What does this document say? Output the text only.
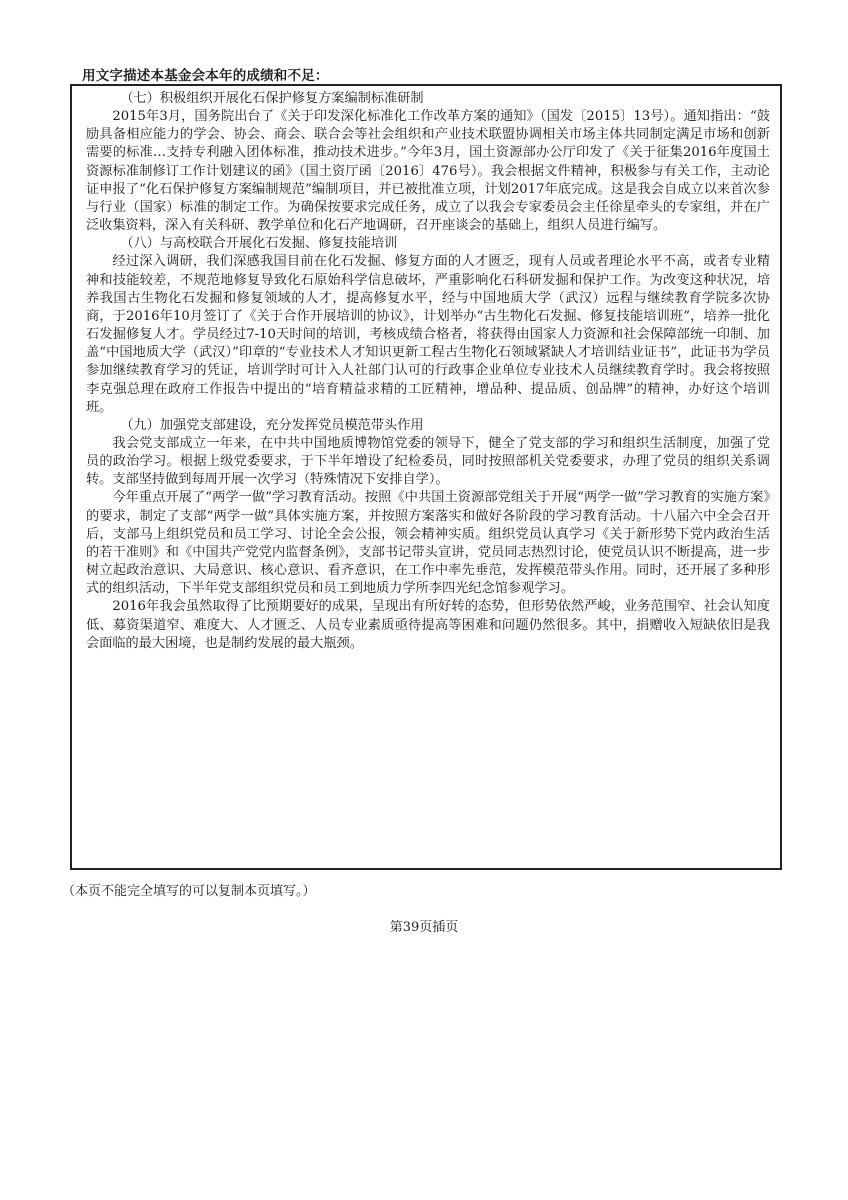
用文字描述本基金会本年的成绩和不足：

（七）积极组织开展化石保护修复方案编制标准研制

2015年3月，国务院出台了《关于印发深化标准化工作改革方案的通知》（国发〔2015〕13号）。通知指出：“鼓励具备相应能力的学会、协会、商会、联合会等社会组织和产业技术联盟协调相关市场主体共同制定满足市场和创新需要的标准…支持专利融入团体标准，推动技术进步。”今年3月，国土资源部办公厅印发了《关于征集2016年度国土资源标准制修订工作计划建议的函》（国土资厅函〔2016〕476号）。我会根据文件精神，积极参与有关工作，主动论证申报了“化石保护修复方案编制规范”编制项目，并已被批准立项，计划2017年底完成。这是我会自成立以来首次参与行业（国家）标准的制定工作。为确保按要求完成任务，成立了以我会专家委员会主任徐星牵头的专家组，并在广泛收集资料，深入有关科研、教学单位和化石产地调研，召开座谈会的基础上，组织人员进行编写。

（八）与高校联合开展化石发掘、修复技能培训

经过深入调研，我们深感我国目前在化石发掘、修复方面的人才匮乏，现有人员或者理论水平不高，或者专业精神和技能较差，不规范地修复导致化石原始科学信息破坏，严重影响化石科研发掘和保护工作。为改变这种状况，培养我国古生物化石发掘和修复领域的人才，提高修复水平，经与中国地质大学（武汉）远程与继续教育学院多次协商，于2016年10月签订了《关于合作开展培训的协议》，计划举办“古生物化石发掘、修复技能培训班”，培养一批化石发掘修复人才。学员经过7-10天时间的培训，考核成绩合格者，将获得由国家人力资源和社会保障部统一印制、加盖“中国地质大学（武汉）”印章的“专业技术人才知识更新工程古生物化石领域紧缺人才培训结业证书”，此证书为学员参加继续教育学习的凭证，培训学时可计入人社部门认可的行政事企业单位专业技术人员继续教育学时。我会将按照李克强总理在政府工作报告中提出的“培育精益求精的工匠精神，增品种、提品质、创品牌”的精神，办好这个培训班。

（九）加强党支部建设，充分发挥党员模范带头作用

我会党支部成立一年来，在中共中国地质博物馆党委的领导下，健全了党支部的学习和组织生活制度，加强了党员的政治学习。根据上级党委要求，于下半年增设了纪检委员，同时按照部机关党委要求，办理了党员的组织关系调转。支部坚持做到每周开展一次学习（特殊情况下安排自学）。

今年重点开展了“两学一做”学习教育活动。按照《中共国土资源部党组关于开展“两学一做”学习教育的实施方案》的要求，制定了支部“两学一做”具体实施方案，并按照方案落实和做好各阶段的学习教育活动。十八届六中全会召开后，支部马上组织党员和员工学习、讨论全会公报，领会精神实质。组织党员认真学习《关于新形势下党内政治生活的若干准则》和《中国共产党党内监督条例》，支部书记带头宣讲，党员同志热烈讨论，使党员认识不断提高，进一步树立起政治意识、大局意识、核心意识、看齐意识，在工作中率先垂范，发挥模范带头作用。同时，还开展了多种形式的组织活动，下半年党支部组织党员和员工到地质力学所李四光纪念馆参观学习。

2016年我会虽然取得了比预期要好的成果，呈现出有所好转的态势，但形势依然严峻，业务范围窄、社会认知度低、募资渠道窄、难度大、人才匮乏、人员专业素质亟待提高等困难和问题仍然很多。其中，捐赠收入短缺依旧是我会面临的最大困境，也是制约发展的最大瓶颈。

（本页不能完全填写的可以复制本页填写。）
第39页插页
